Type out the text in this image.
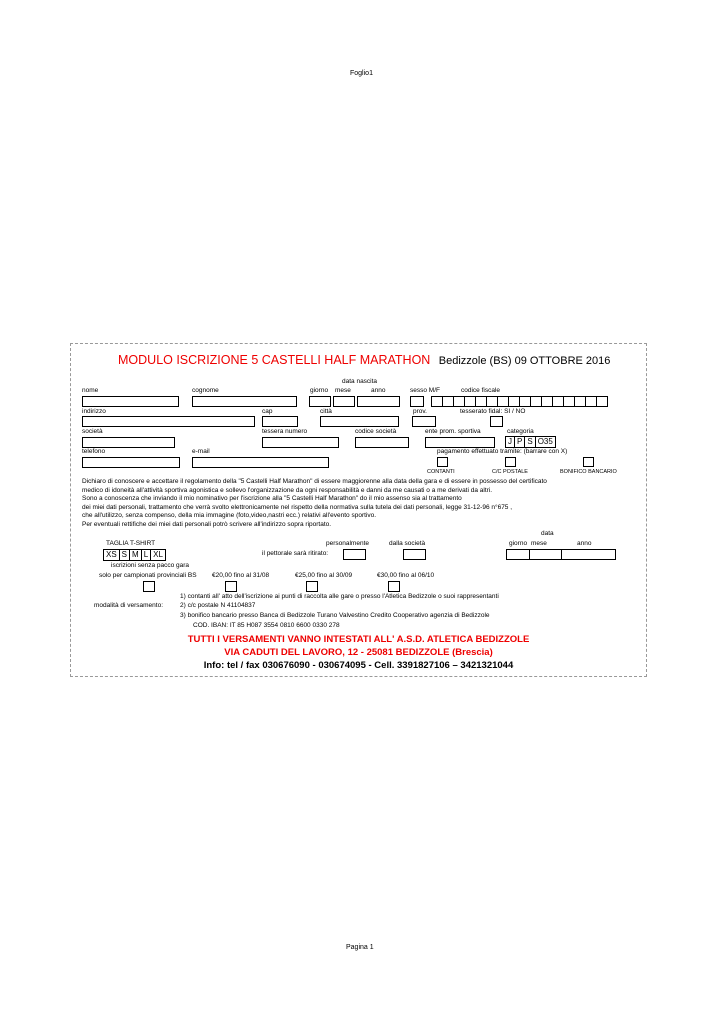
Foglio1
MODULO ISCRIZIONE 5 CASTELLI HALF MARATHON Bedizzole (BS) 09 OTTOBRE 2016
data nascita
nome	cognome	giorno mese	anno	sesso M/F	codice fiscale
indirizzo	cap	città	prov.	tesserato fidal: SI / NO
società	tessera numero	codice società	ente prom. sportiva	categoria
J P S O35
telefono	e-mail	pagamento effettuato tramite: (barrare con X)
CONTANTI	C/C POSTALE	BONIFICO BANCARIO
Dichiaro di conoscere e accettare il regolamento della "5 Castelli Half Marathon" di essere maggiorenne alla data della gara e di essere in possesso del certificato
medico di idoneità all'attività sportiva agonistica e sollevo l'organizzazione da ogni responsabilità e danni da me causati o a me derivati da altri.
Sono a conoscenza che inviando il mio nominativo per l'iscrizione alla "5 Castelli Half Marathon" do il mio assenso sia al trattamento
dei miei dati personali, trattamento che verrà svolto elettronicamente nel rispetto della normativa sulla tutela dei dati personali, legge 31-12-96 n°675 ,
che all'utilizzo, senza compenso, della mia immagine (foto,video,nastri ecc.) relativi all'evento sportivo.
Per eventuali rettifiche dei miei dati personali potrò scrivere all'indirizzo sopra riportato.
data
TAGLIA T-SHIRT	personalmente	dalla società	giorno mese	anno
XS S M L XL	il pettorale sarà ritirato:
iscrizioni senza pacco gara
solo per campionati provinciali BS €20,00 fino al 31/08	€25,00 fino al 30/09	€30,00 fino al 06/10
1) contanti all' atto dell'iscrizione ai punti di raccolta alle gare o presso l'Atletica Bedizzole o suoi rappresentanti
modalità di versamento:	2) c/c postale N 41104837
3) bonifico bancario presso Banca di Bedizzole Turano Valvestino Credito Cooperativo agenzia di Bedizzole
COD. IBAN: IT 85 H087 3554 0810 6600 0330 278
TUTTI I VERSAMENTI VANNO INTESTATI ALL' A.S.D. ATLETICA BEDIZZOLE
VIA CADUTI DEL LAVORO, 12 - 25081 BEDIZZOLE (Brescia)
Info: tel / fax 030676090 - 030674095 - Cell. 3391827106 – 3421321044
Pagina 1
